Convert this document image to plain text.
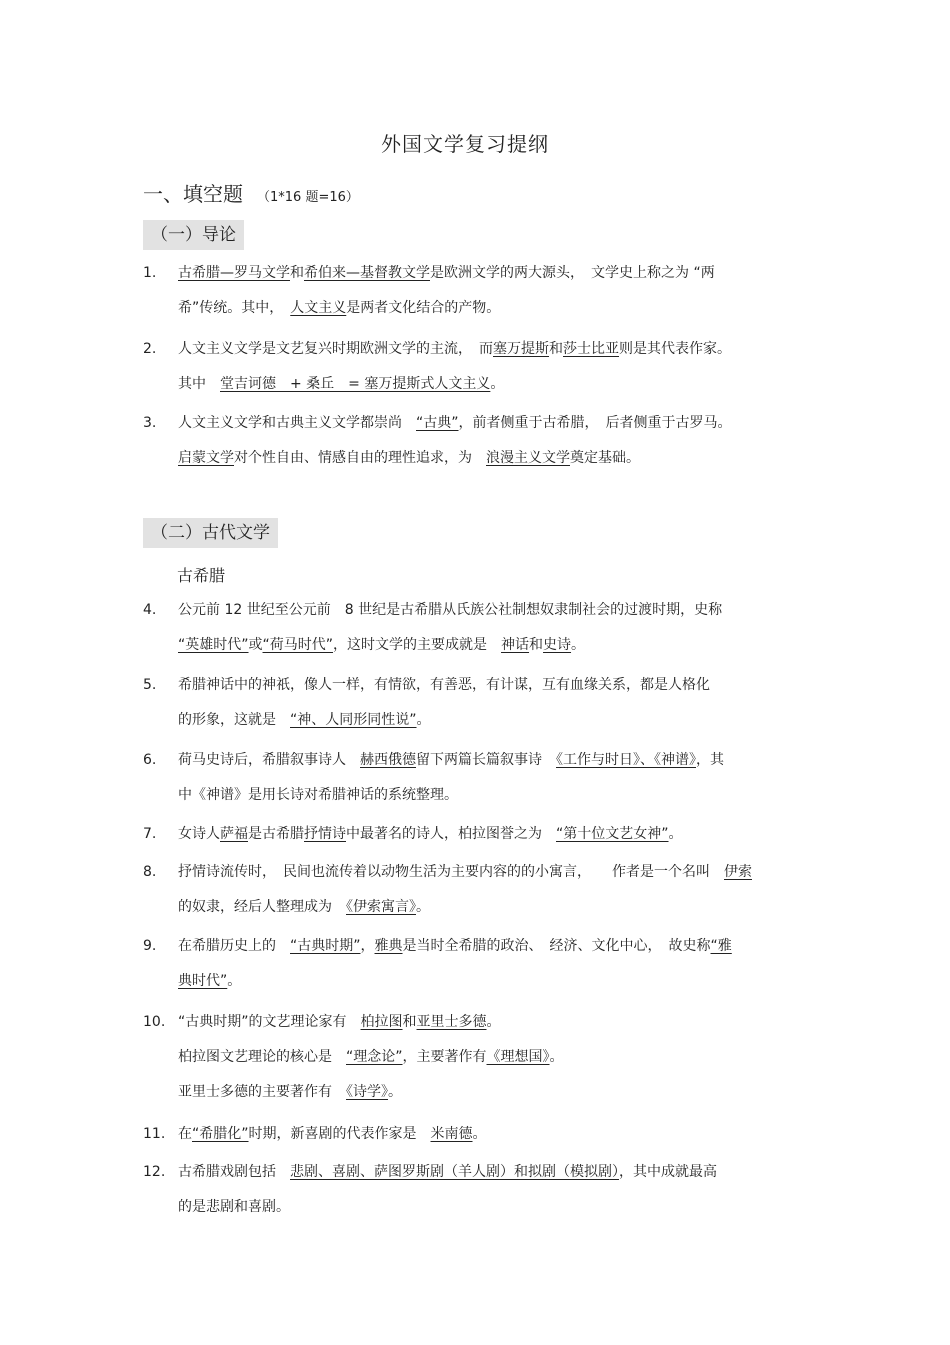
外国文学复习提纲
一、填空题 （1*16 题=16）
（一）导论
1.	古希腊—罗马文学和希伯来—基督教文学是欧洲文学的两大源头，　文学史上称之为 “两
希”传统。其中，　 人文主义是两者文化结合的产物。
2.	人文主义文学是文艺复兴时期欧洲文学的主流，　而塞万提斯和莎士比亚则是其代表作家。
其中　 堂吉诃德　+ 桑丘　= 塞万提斯式人文主义。
3.	人文主义文学和古典主义文学都崇尚　 “古典”，前者侧重于古希腊，　后者侧重于古罗马。
启蒙文学对个性自由、情感自由的理性追求，为　 浪漫主义文学奠定基础。
（二）古代文学
古希腊
4.	公元前 12 世纪至公元前　8 世纪是古希腊从氏族公社制想奴隶制社会的过渡时期，史称
“英雄时代”或“荷马时代”，这时文学的主要成就是　 神话和史诗。
5.	希腊神话中的神祇，像人一样，有情欲，有善恶，有计谋，互有血缘关系，都是人格化
的形象，这就是　 “神、人同形同性说”。
6.	荷马史诗后，希腊叙事诗人　 赫西俄德留下两篇长篇叙事诗　 《工作与时日》、《神谱》，其
中《神谱》是用长诗对希腊神话的系统整理。
7.	女诗人萨福是古希腊抒情诗中最著名的诗人，柏拉图誉之为　 “第十位文艺女神”。
8.	抒情诗流传时，　民间也流传着以动物生活为主要内容的的小寓言，　　作者是一个名叫　 伊索
的奴隶，经后人整理成为　 《伊索寓言》。
9.	在希腊历史上的　 “古典时期”，雅典是当时全希腊的政治、　经济、文化中心，　故史称“雅
典时代”。
10. “古典时期”的文艺理论家有　 柏拉图和亚里士多德。
柏拉图文艺理论的核心是　 “理念论”，主要著作有《理想国》。
亚里士多德的主要著作有　 《诗学》。
11. 在“希腊化”时期，新喜剧的代表作家是　 米南德。
12. 古希腊戏剧包括　 悲剧、喜剧、萨图罗斯剧（羊人剧）和拟剧（模拟剧），其中成就最高
的是悲剧和喜剧。
